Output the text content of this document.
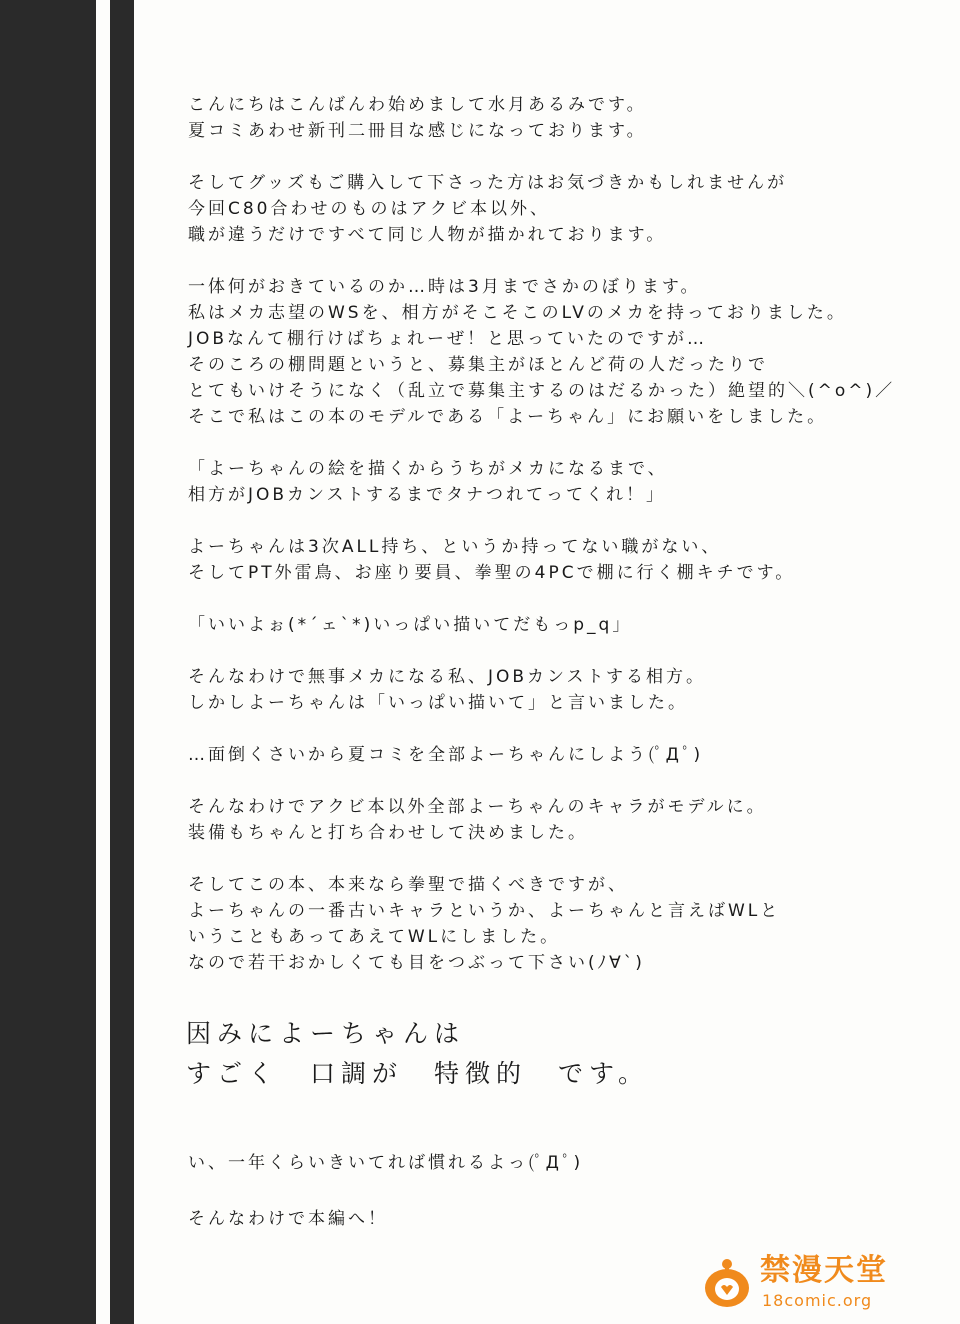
こんにちはこんばんわ始めまして水月あるみです。
夏コミあわせ新刊二冊目な感じになっております。
そしてグッズもご購入して下さった方はお気づきかもしれませんが
今回C80合わせのものはアクビ本以外、
職が違うだけですべて同じ人物が描かれております。
一体何がおきているのか…時は3月までさかのぼります。
私はメカ志望のWSを、相方がそこそこのLVのメカを持っておりました。
JOBなんて棚行けばちょれーぜ！と思っていたのですが…
そのころの棚問題というと、募集主がほとんど荷の人だったりで
とてもいけそうになく（乱立で募集主するのはだるかった）絶望的＼(^o^)／
そこで私はこの本のモデルである「よーちゃん」にお願いをしました。
「よーちゃんの絵を描くからうちがメカになるまで、
相方がJOBカンストするまでタナつれてってくれ！」
よーちゃんは3次ALL持ち、というか持ってない職がない、
そしてPT外雷鳥、お座り要員、拳聖の4PCで棚に行く棚キチです。
「いいよぉ(*´ェ`*)いっぱい描いてだもっp_q」
そんなわけで無事メカになる私、JOBカンストする相方。
しかしよーちゃんは「いっぱい描いて」と言いました。
…面倒くさいから夏コミを全部よーちゃんにしよう(ﾟДﾟ)
そんなわけでアクビ本以外全部よーちゃんのキャラがモデルに。
装備もちゃんと打ち合わせして決めました。
そしてこの本、本来なら拳聖で描くべきですが、
よーちゃんの一番古いキャラというか、よーちゃんと言えばWLと
いうこともあってあえてWLにしました。
なので若干おかしくても目をつぶって下さい(ﾉ∀`)
因みによーちゃんは
すごく　口調が　特徴的　です。
い、一年くらいきいてれば慣れるよっ(ﾟДﾟ)
そんなわけで本編へ！
禁漫天堂
18comic.org
